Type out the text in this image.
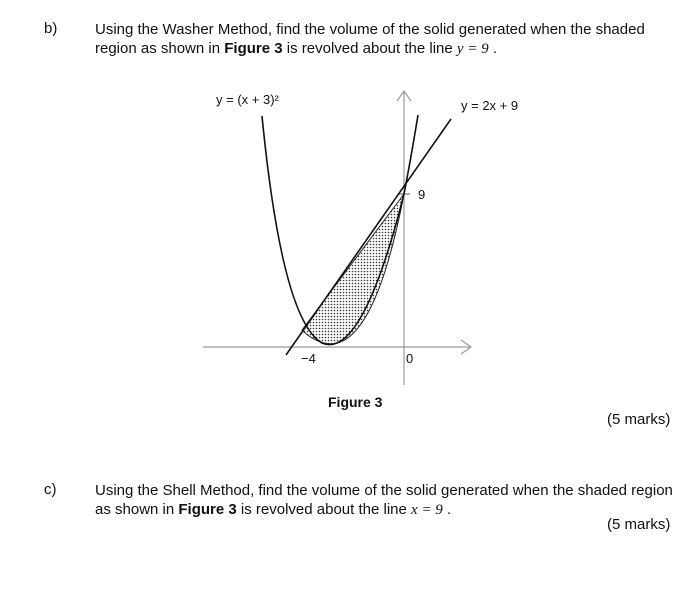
b)	Using the Washer Method, find the volume of the solid generated when the shaded
region as shown in Figure 3 is revolved about the line y = 9 .
y = (x + 3)²	y = 2x + 9
9
−4	0
Figure 3
(5 marks)
c)	Using the Shell Method, find the volume of the solid generated when the shaded region
as shown in Figure 3 is revolved about the line x = 9 .
(5 marks)
